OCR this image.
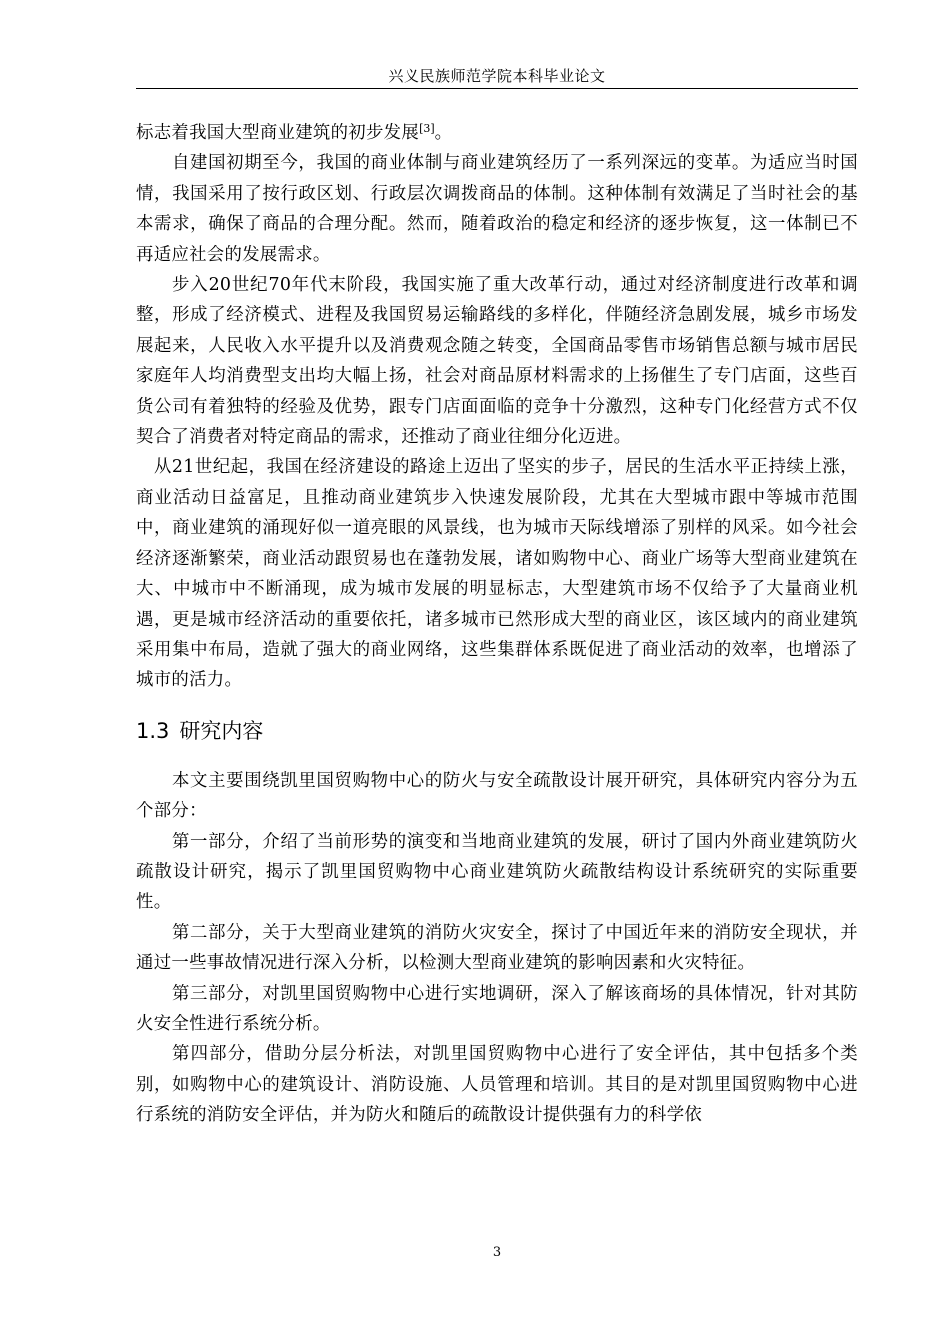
兴义民族师范学院本科毕业论文

标志着我国大型商业建筑的初步发展[3]。

自建国初期至今，我国的商业体制与商业建筑经历了一系列深远的变革。为适应当时国情，我国采用了按行政区划、行政层次调拨商品的体制。这种体制有效满足了当时社会的基本需求，确保了商品的合理分配。然而，随着政治的稳定和经济的逐步恢复，这一体制已不再适应社会的发展需求。

步入20世纪70年代末阶段，我国实施了重大改革行动，通过对经济制度进行改革和调整，形成了经济模式、进程及我国贸易运输路线的多样化，伴随经济急剧发展，城乡市场发展起来，人民收入水平提升以及消费观念随之转变，全国商品零售市场销售总额与城市居民家庭年人均消费型支出均大幅上扬，社会对商品原材料需求的上扬催生了专门店面，这些百货公司有着独特的经验及优势，跟专门店面面临的竞争十分激烈，这种专门化经营方式不仅契合了消费者对特定商品的需求，还推动了商业往细分化迈进。

从21世纪起，我国在经济建设的路途上迈出了坚实的步子，居民的生活水平正持续上涨，商业活动日益富足，且推动商业建筑步入快速发展阶段，尤其在大型城市跟中等城市范围中，商业建筑的涌现好似一道亮眼的风景线，也为城市天际线增添了别样的风采。如今社会经济逐渐繁荣，商业活动跟贸易也在蓬勃发展，诸如购物中心、商业广场等大型商业建筑在大、中城市中不断涌现，成为城市发展的明显标志，大型建筑市场不仅给予了大量商业机遇，更是城市经济活动的重要依托，诸多城市已然形成大型的商业区，该区域内的商业建筑采用集中布局，造就了强大的商业网络，这些集群体系既促进了商业活动的效率，也增添了城市的活力。

1.3 研究内容

本文主要围绕凯里国贸购物中心的防火与安全疏散设计展开研究，具体研究内容分为五个部分：

第一部分，介绍了当前形势的演变和当地商业建筑的发展，研讨了国内外商业建筑防火疏散设计研究，揭示了凯里国贸购物中心商业建筑防火疏散结构设计系统研究的实际重要性。

第二部分，关于大型商业建筑的消防火灾安全，探讨了中国近年来的消防安全现状，并通过一些事故情况进行深入分析，以检测大型商业建筑的影响因素和火灾特征。

第三部分，对凯里国贸购物中心进行实地调研，深入了解该商场的具体情况，针对其防火安全性进行系统分析。

第四部分，借助分层分析法，对凯里国贸购物中心进行了安全评估，其中包括多个类别，如购物中心的建筑设计、消防设施、人员管理和培训。其目的是对凯里国贸购物中心进行系统的消防安全评估，并为防火和随后的疏散设计提供强有力的科学依

3
